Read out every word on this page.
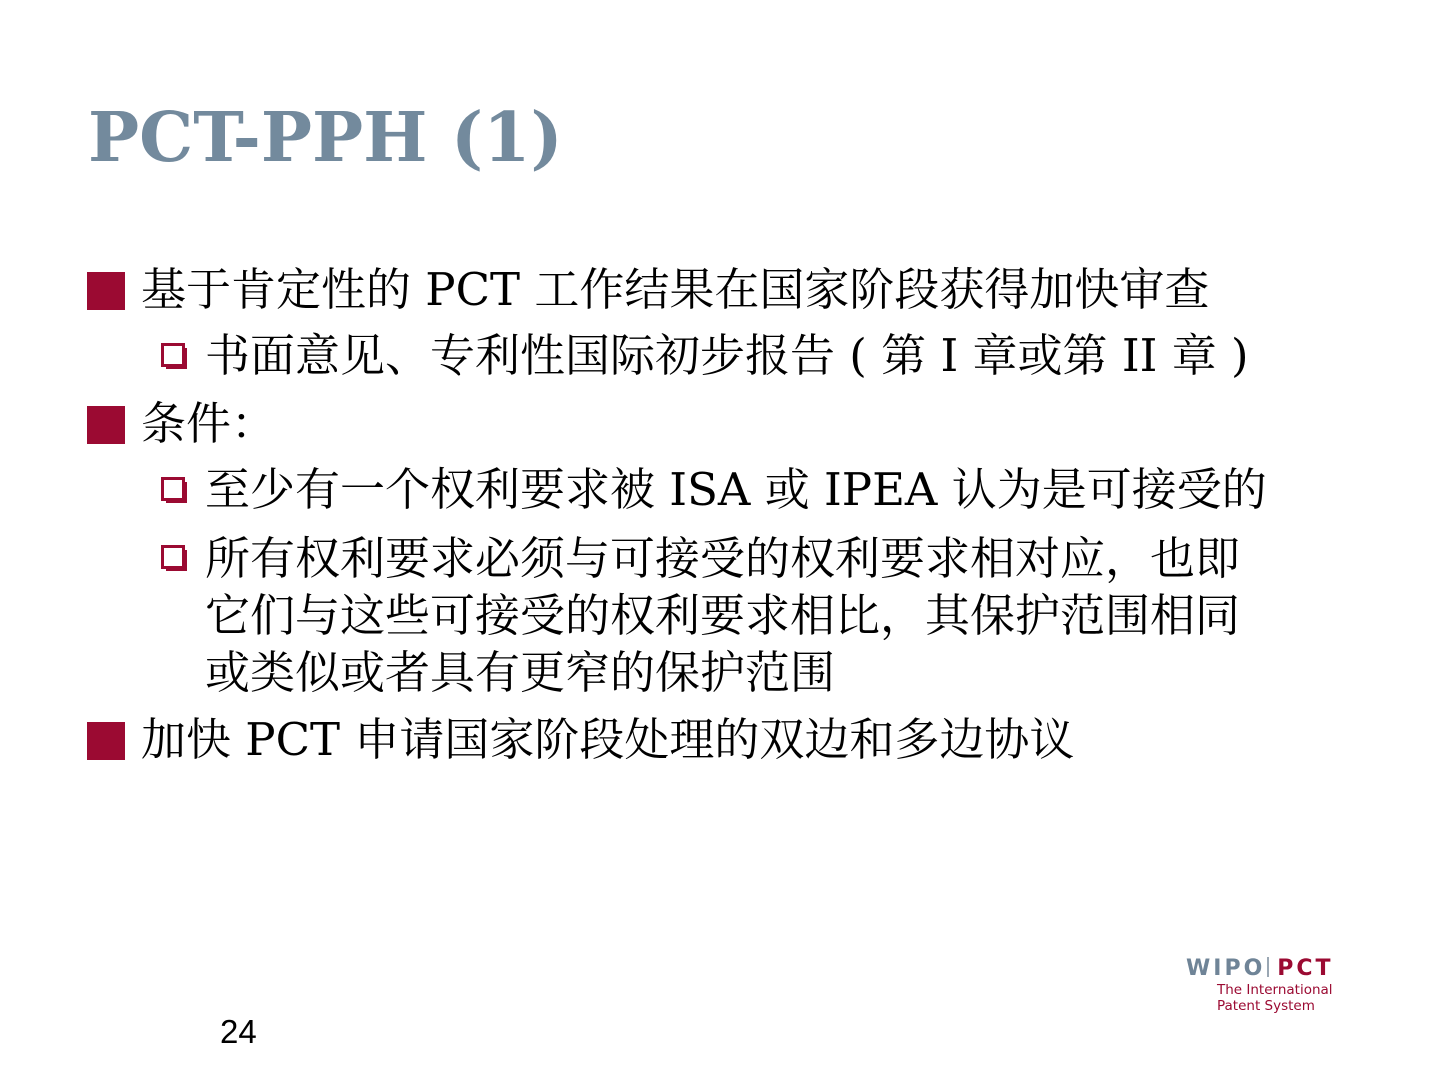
PCT-PPH (1)
基于肯定性的 PCT 工作结果在国家阶段获得加快审查
书面意见、专利性国际初步报告 ( 第 I 章或第 II 章 )
条件：
至少有一个权利要求被 ISA 或 IPEA 认为是可接受的
所有权利要求必须与可接受的权利要求相对应，也即
它们与这些可接受的权利要求相比，其保护范围相同
或类似或者具有更窄的保护范围
加快 PCT 申请国家阶段处理的双边和多边协议
24
WIPO PCT
The International
Patent System
